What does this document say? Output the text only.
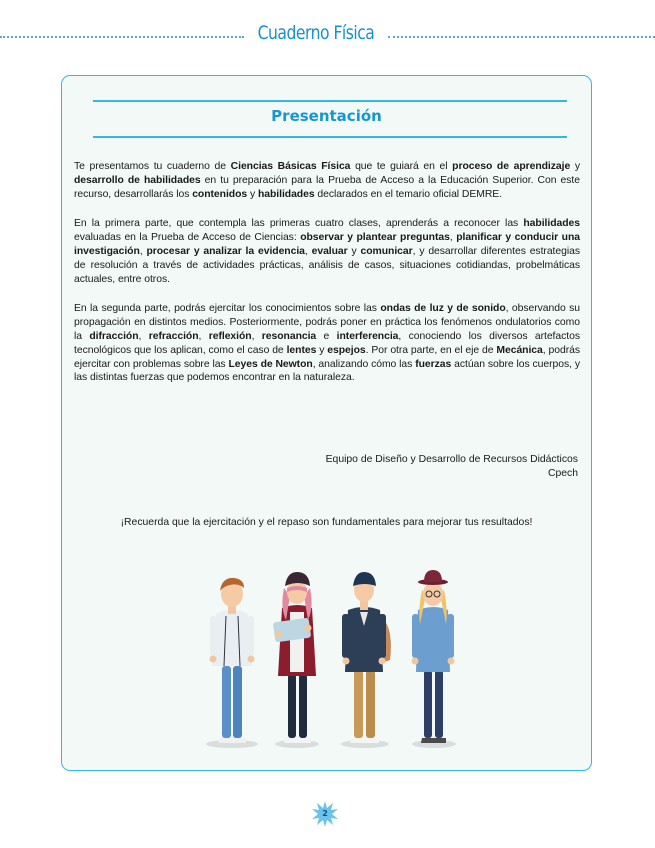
Cuaderno Física
Presentación

Te presentamos tu cuaderno de Ciencias Básicas Física que te guiará en el proceso de aprendizaje y desarrollo de habilidades en tu preparación para la Prueba de Acceso a la Educación Superior. Con este recurso, desarrollarás los contenidos y habilidades declarados en el temario oficial DEMRE.

En la primera parte, que contempla las primeras cuatro clases, aprenderás a reconocer las habilidades evaluadas en la Prueba de Acceso de Ciencias: observar y plantear preguntas, planificar y conducir una investigación, procesar y analizar la evidencia, evaluar y comunicar, y desarrollar diferentes estrategias de resolución a través de actividades prácticas, análisis de casos, situaciones cotidiandas, probelmáticas actuales, entre otros.

En la segunda parte, podrás ejercitar los conocimientos sobre las ondas de luz y de sonido, observando su propagación en distintos medios. Posteriormente, podrás poner en práctica los fenómenos ondulatorios como la difracción, refracción, reflexión, resonancia e interferencia, conociendo los diversos artefactos tecnológicos que los aplican, como el caso de lentes y espejos. Por otra parte, en el eje de Mecánica, podrás ejercitar con problemas sobre las Leyes de Newton, analizando cómo las fuerzas actúan sobre los cuerpos, y las distintas fuerzas que podemos encontrar en la naturaleza.

Equipo de Diseño y Desarrollo de Recursos Didácticos
Cpech
¡Recuerda que la ejercitación y el repaso son fundamentales para mejorar tus resultados!
2
